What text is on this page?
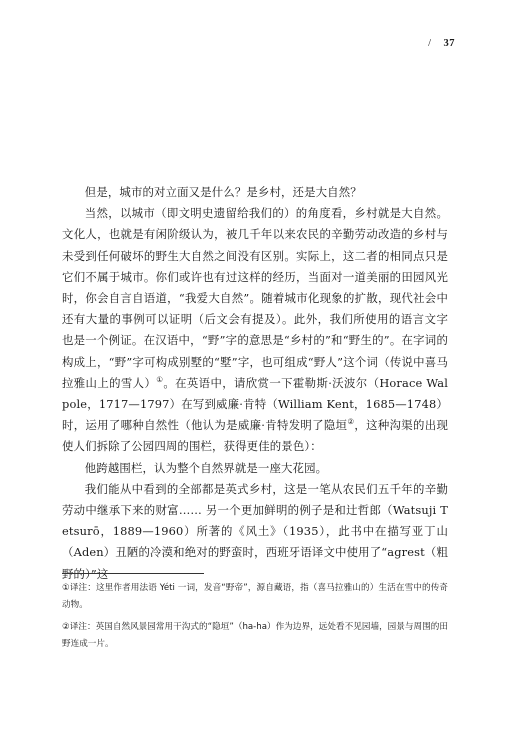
/ 37

但是，城市的对立面又是什么？是乡村，还是大自然？

当然，以城市（即文明史遗留给我们的）的角度看，乡村就是大自然。文化人，也就是有闲阶级认为，被几千年以来农民的辛勤劳动改造的乡村与未受到任何破坏的野生大自然之间没有区别。实际上，这二者的相同点只是它们不属于城市。你们或许也有过这样的经历，当面对一道美丽的田园风光时，你会自言自语道，“我爱大自然”。随着城市化现象的扩散，现代社会中还有大量的事例可以证明（后文会有提及）。此外，我们所使用的语言文字也是一个例证。在汉语中，“野”字的意思是“乡村的”和“野生的”。在字词的构成上，“野”字可构成别墅的“墅”字，也可组成“野人”这个词（传说中喜马拉雅山上的雪人）①。在英语中，请欣赏一下霍勒斯·沃波尔（Horace Walpole，1717—1797）在写到威廉·肯特（William Kent，1685—1748）时，运用了哪种自然性（他认为是威廉·肯特发明了隐垣②，这种沟渠的出现使人们拆除了公园四周的围栏，获得更佳的景色）：

他跨越围栏，认为整个自然界就是一座大花园。

我们能从中看到的全部都是英式乡村，这是一笔从农民们五千年的辛勤劳动中继承下来的财富…… 另一个更加鲜明的例子是和辻哲郎（Watsuji Tetsurō，1889—1960）所著的《风土》（1935），此书中在描写亚丁山（Aden）丑陋的冷漠和绝对的野蛮时，西班牙语译文中使用了“agrest（粗野的）”这

①译注：这里作者用法语 Yéti 一词，发音“野帝”，源自藏语，指（喜马拉雅山的）生活在雪中的传奇动物。

②译注：英国自然风景园常用干沟式的“隐垣”（ha-ha）作为边界，远处看不见园墙，园景与周围的田野连成一片。
